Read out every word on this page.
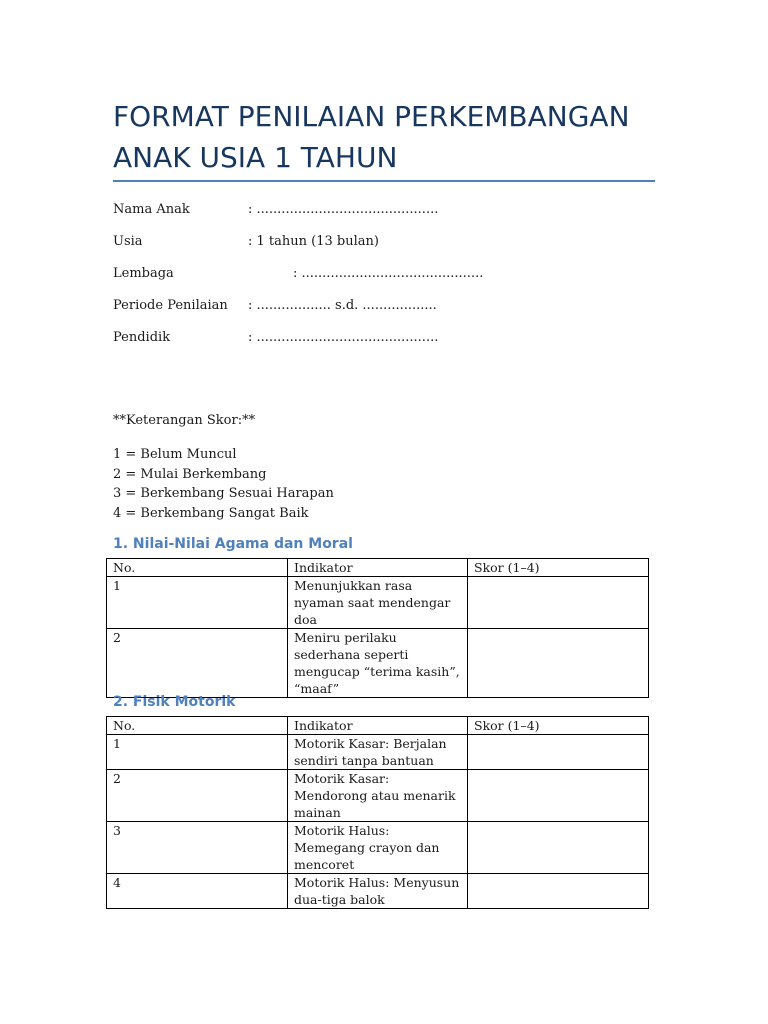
FORMAT PENILAIAN PERKEMBANGAN
ANAK USIA 1 TAHUN
Nama Anak	: ............................................
Usia	: 1 tahun (13 bulan)
Lembaga	: ............................................
Periode Penilaian : .................. s.d. ..................
Pendidik	: ............................................
**Keterangan Skor:**
1 = Belum Muncul
2 = Mulai Berkembang
3 = Berkembang Sesuai Harapan
4 = Berkembang Sangat Baik
1. Nilai-Nilai Agama dan Moral
No.	Indikator	Skor (1–4)
1	Menunjukkan rasa nyaman saat mendengar doa	
2	Meniru perilaku sederhana seperti mengucap “terima kasih”, “maaf”	
2. Fisik Motorik
No.	Indikator	Skor (1–4)
1	Motorik Kasar: Berjalan sendiri tanpa bantuan	
2	Motorik Kasar: Mendorong atau menarik mainan	
3	Motorik Halus: Memegang crayon dan mencoret	
4	Motorik Halus: Menyusun dua-tiga balok	
